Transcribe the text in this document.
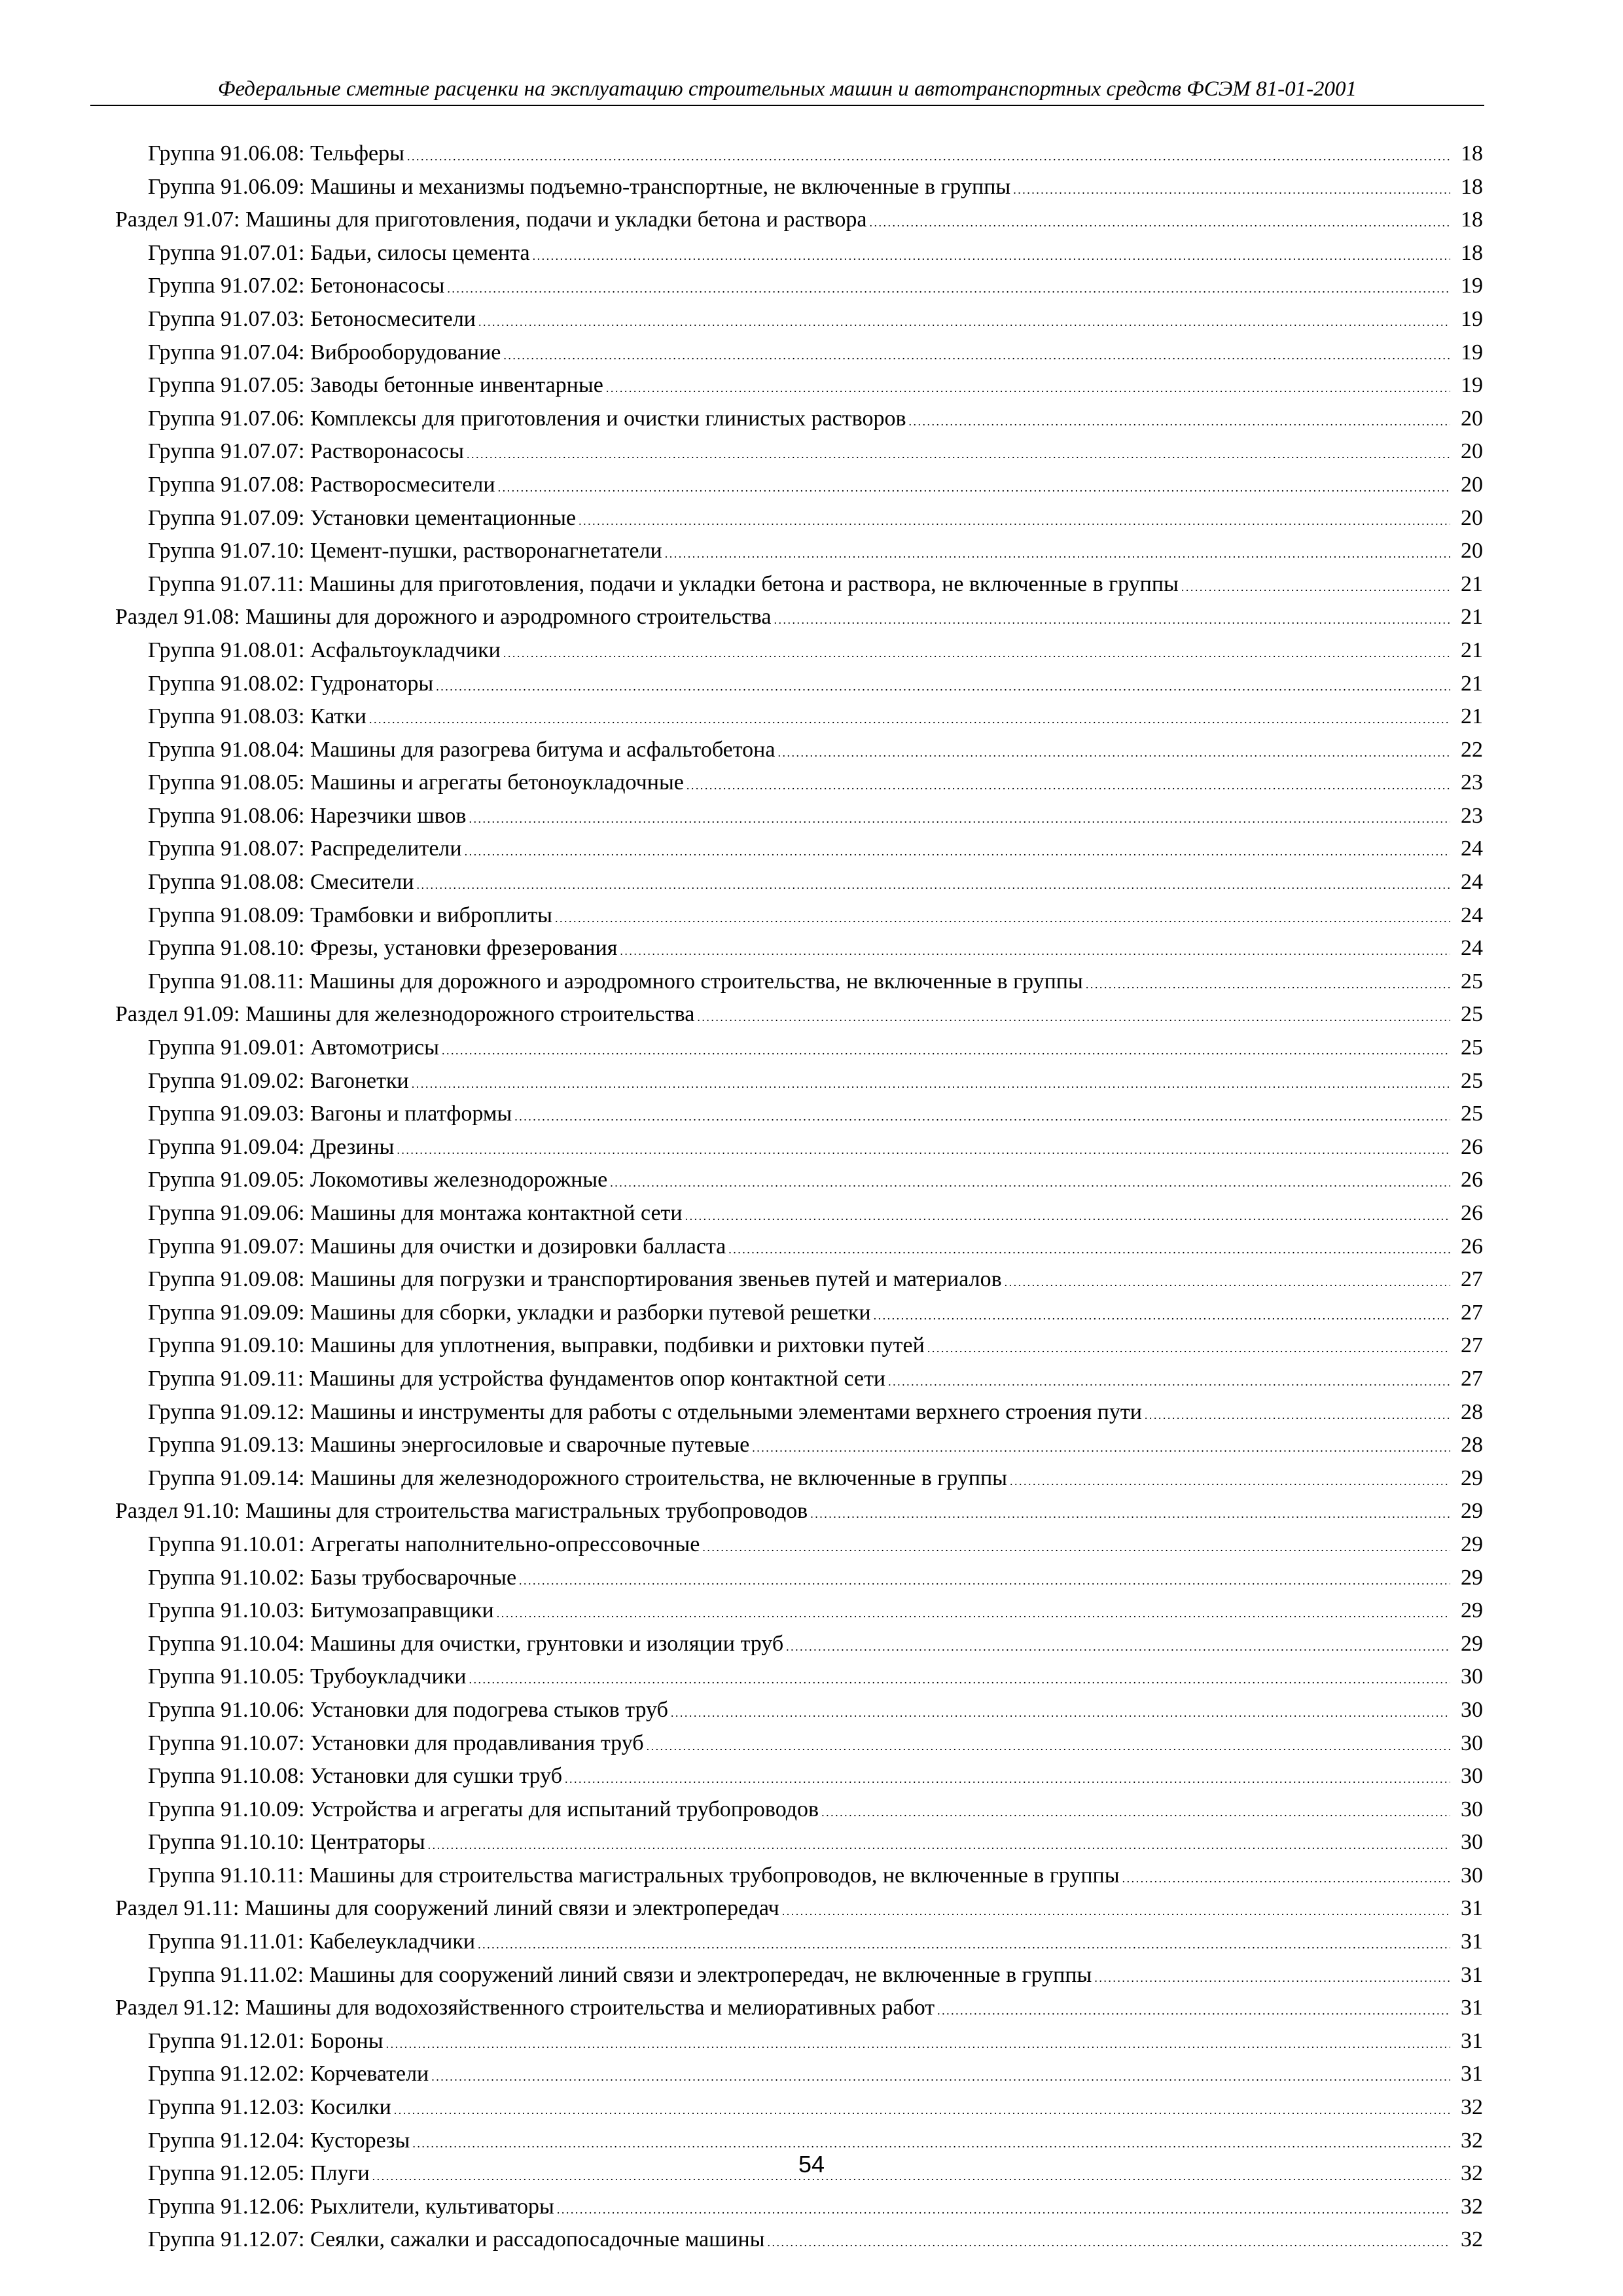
Федеральные сметные расценки на эксплуатацию строительных машин и автотранспортных средств ФСЭМ 81-01-2001
Группа 91.06.08: Тельферы . . .	18
Группа 91.06.09: Машины и механизмы подъемно-транспортные, не включенные в группы . . .	18
Раздел 91.07: Машины для приготовления, подачи и укладки бетона и раствора . . .	18
Группа 91.07.01: Бадьи, силосы цемента . . .	18
Группа 91.07.02: Бетононасосы . . .	19
Группа 91.07.03: Бетоносмесители . . .	19
Группа 91.07.04: Виброоборудование . . .	19
Группа 91.07.05: Заводы бетонные инвентарные . . .	19
Группа 91.07.06: Комплексы для приготовления и очистки глинистых растворов . . .	20
Группа 91.07.07: Растворонасосы . . .	20
Группа 91.07.08: Растворосмесители . . .	20
Группа 91.07.09: Установки цементационные . . .	20
Группа 91.07.10: Цемент-пушки, растворонагнетатели . . .	20
Группа 91.07.11: Машины для приготовления, подачи и укладки бетона и раствора, не включенные в группы . . .	21
Раздел 91.08: Машины для дорожного и аэродромного строительства . . .	21
Группа 91.08.01: Асфальтоукладчики . . .	21
Группа 91.08.02: Гудронаторы . . .	21
Группа 91.08.03: Катки . . .	21
Группа 91.08.04: Машины для разогрева битума и асфальтобетона . . .	22
Группа 91.08.05: Машины и агрегаты бетоноукладочные . . .	23
Группа 91.08.06: Нарезчики швов . . .	23
Группа 91.08.07: Распределители . . .	24
Группа 91.08.08: Смесители . . .	24
Группа 91.08.09: Трамбовки и виброплиты . . .	24
Группа 91.08.10: Фрезы, установки фрезерования . . .	24
Группа 91.08.11: Машины для дорожного и аэродромного строительства, не включенные в группы . . .	25
Раздел 91.09: Машины для железнодорожного строительства . . .	25
Группа 91.09.01: Автомотрисы . . .	25
Группа 91.09.02: Вагонетки . . .	25
Группа 91.09.03: Вагоны и платформы . . .	25
Группа 91.09.04: Дрезины . . .	26
Группа 91.09.05: Локомотивы железнодорожные . . .	26
Группа 91.09.06: Машины для монтажа контактной сети . . .	26
Группа 91.09.07: Машины для очистки и дозировки балласта . . .	26
Группа 91.09.08: Машины для погрузки и транспортирования звеньев путей и материалов . . .	27
Группа 91.09.09: Машины для сборки, укладки и разборки путевой решетки . . .	27
Группа 91.09.10: Машины для уплотнения, выправки, подбивки и рихтовки путей . . .	27
Группа 91.09.11: Машины для устройства фундаментов опор контактной сети . . .	27
Группа 91.09.12: Машины и инструменты для работы с отдельными элементами верхнего строения пути . . .	28
Группа 91.09.13: Машины энергосиловые и сварочные путевые . . .	28
Группа 91.09.14: Машины для железнодорожного строительства, не включенные в группы . . .	29
Раздел 91.10: Машины для строительства магистральных трубопроводов . . .	29
Группа 91.10.01: Агрегаты наполнительно-опрессовочные . . .	29
Группа 91.10.02: Базы трубосварочные . . .	29
Группа 91.10.03: Битумозаправщики . . .	29
Группа 91.10.04: Машины для очистки, грунтовки и изоляции труб . . .	29
Группа 91.10.05: Трубоукладчики . . .	30
Группа 91.10.06: Установки для подогрева стыков труб . . .	30
Группа 91.10.07: Установки для продавливания труб . . .	30
Группа 91.10.08: Установки для сушки труб . . .	30
Группа 91.10.09: Устройства и агрегаты для испытаний трубопроводов . . .	30
Группа 91.10.10: Центраторы . . .	30
Группа 91.10.11: Машины для строительства магистральных трубопроводов, не включенные в группы . . .	30
Раздел 91.11: Машины для сооружений линий связи и электропередач . . .	31
Группа 91.11.01: Кабелеукладчики . . .	31
Группа 91.11.02: Машины для сооружений линий связи и электропередач, не включенные в группы . . .	31
Раздел 91.12: Машины для водохозяйственного строительства и мелиоративных работ . . .	31
Группа 91.12.01: Бороны . . .	31
Группа 91.12.02: Корчеватели . . .	31
Группа 91.12.03: Косилки . . .	32
Группа 91.12.04: Кусторезы . . .	32
Группа 91.12.05: Плуги . . .	32
Группа 91.12.06: Рыхлители, культиваторы . . .	32
Группа 91.12.07: Сеялки, сажалки и рассадопосадочные машины . . .	32
54
